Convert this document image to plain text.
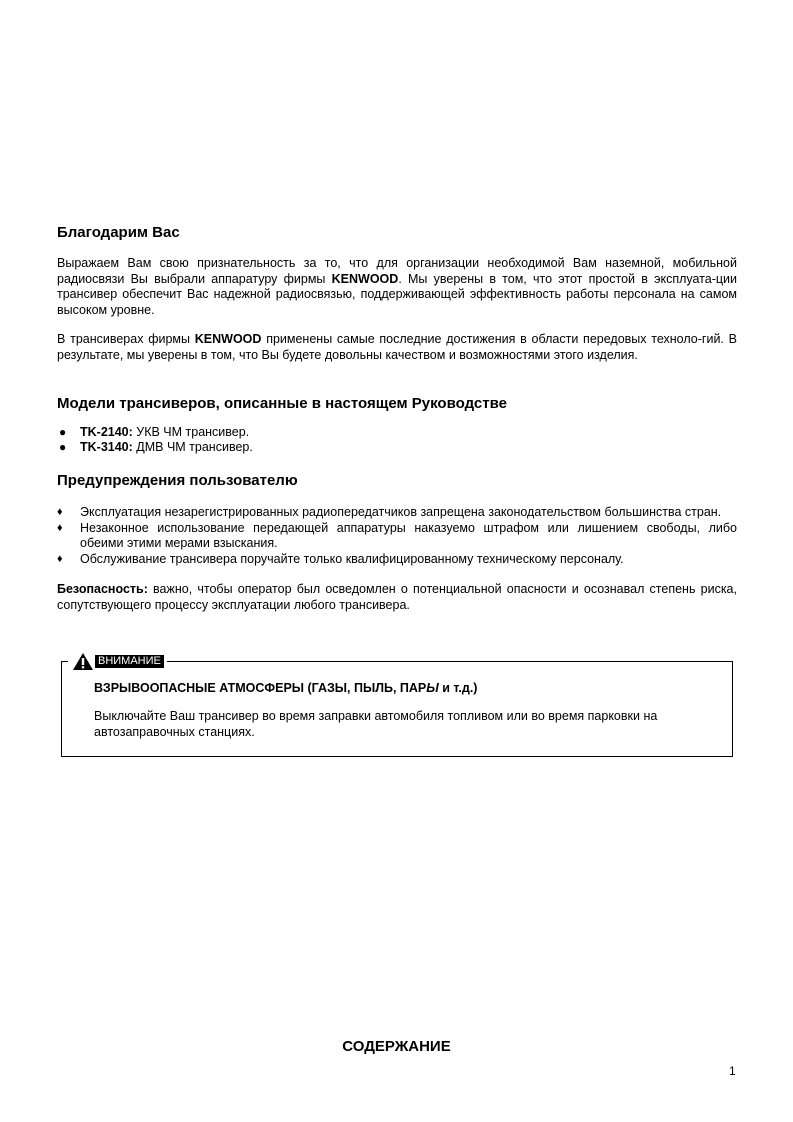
Благодарим Вас

Выражаем Вам свою признательность за то, что для организации необходимой Вам наземной, мобильной радиосвязи Вы выбрали аппаратуру фирмы KENWOOD. Мы уверены в том, что этот простой в эксплуата-ции трансивер обеспечит Вас надежной радиосвязью, поддерживающей эффективность работы персонала на самом высоком уровне.

В трансиверах фирмы KENWOOD применены самые последние достижения в области передовых техноло-гий. В результате, мы уверены в том, что Вы будете довольны качеством и возможностями этого изделия.

Модели трансиверов, описанные в настоящем Руководстве
● TK-2140: УКВ ЧМ трансивер.
● TK-3140: ДМВ ЧМ трансивер.
Предупреждения пользователю
♦ Эксплуатация незарегистрированных радиопередатчиков запрещена законодательством большинства стран.
♦ Незаконное использование передающей аппаратуры наказуемо штрафом или лишением свободы, либо обеими этими мерами взыскания.
♦ Обслуживание трансивера поручайте только квалифицированному техническому персоналу.

Безопасность: важно, чтобы оператор был осведомлен о потенциальной опасности и осознавал степень риска, сопутствующего процессу эксплуатации любого трансивера.

ВНИМАНИЕ
ВЗРЫВООПАСНЫЕ АТМОСФЕРЫ (ГАЗЫ, ПЫЛЬ, ПАРЫ и т.д.)
Выключайте Ваш трансивер во время заправки автомобиля топливом или во время парковки на автозаправочных станциях.
СОДЕРЖАНИЕ
1
